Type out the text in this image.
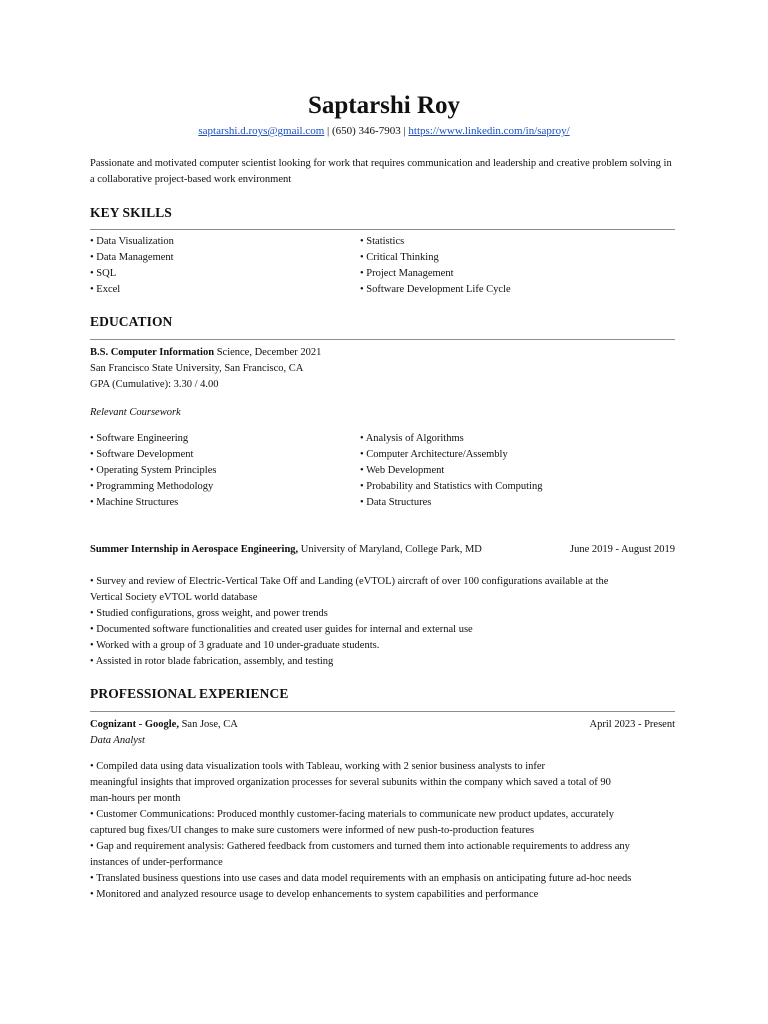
Saptarshi Roy
saptarshi.d.roys@gmail.com | (650) 346-7903 | https://www.linkedin.com/in/saproy/
Passionate and motivated computer scientist looking for work that requires communication and leadership and creative problem solving in a collaborative project-based work environment
KEY SKILLS
• Data Visualization
• Data Management
• SQL
• Excel
• Statistics
• Critical Thinking
• Project Management
• Software Development Life Cycle
EDUCATION
B.S. Computer Information Science, December 2021
San Francisco State University, San Francisco, CA
GPA (Cumulative): 3.30 / 4.00
Relevant Coursework
• Software Engineering
• Software Development
• Operating System Principles
• Programming Methodology
• Machine Structures
• Analysis of Algorithms
• Computer Architecture/Assembly
• Web Development
• Probability and Statistics with Computing
• Data Structures
Summer Internship in Aerospace Engineering, University of Maryland, College Park, MD	June 2019 - August 2019
• Survey and review of Electric-Vertical Take Off and Landing (eVTOL) aircraft of over 100 configurations available at the
Vertical Society eVTOL world database
• Studied configurations, gross weight, and power trends
• Documented software functionalities and created user guides for internal and external use
• Worked with a group of 3 graduate and 10 under-graduate students.
• Assisted in rotor blade fabrication, assembly, and testing
PROFESSIONAL EXPERIENCE
Cognizant - Google, San Jose, CA	April 2023 - Present
Data Analyst
• Compiled data using data visualization tools with Tableau, working with 2 senior business analysts to infer
meaningful insights that improved organization processes for several subunits within the company which saved a total of 90
man-hours per month
• Customer Communications: Produced monthly customer-facing materials to communicate new product updates, accurately
captured bug fixes/UI changes to make sure customers were informed of new push-to-production features
• Gap and requirement analysis: Gathered feedback from customers and turned them into actionable requirements to address any
instances of under-performance
• Translated business questions into use cases and data model requirements with an emphasis on anticipating future ad-hoc needs
• Monitored and analyzed resource usage to develop enhancements to system capabilities and performance
